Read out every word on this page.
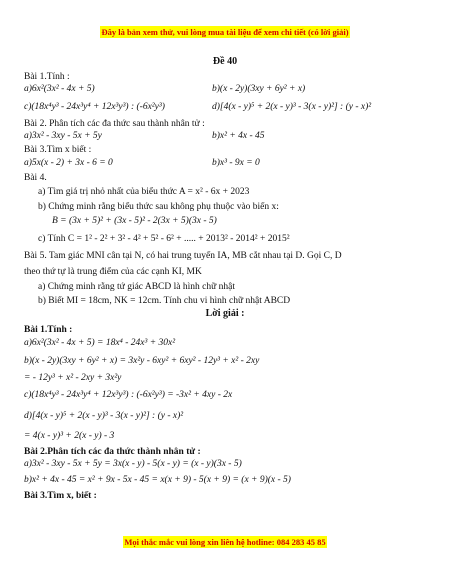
Đây là bản xem thử, vui lòng mua tài liệu để xem chi tiết (có lời giải)
Đề 40
Bài 1.Tính :
a)6x²(3x² - 4x + 5)	b)(x - 2y)(3xy + 6y² + x)
c)(18x⁴y³ - 24x³y⁴ + 12x³y³) : (-6x²y³)	d)[4(x - y)⁵ + 2(x - y)³ - 3(x - y)²] : (y - x)²
Bài 2. Phân tích các đa thức sau thành nhân tử :
a)3x² - 3xy - 5x + 5y	b)x² + 4x - 45
Bài 3.Tìm x biết :
a)5x(x - 2) + 3x - 6 = 0	b)x³ - 9x = 0
Bài 4.
a) Tìm giá trị nhỏ nhất của biểu thức A = x² - 6x + 2023
b) Chứng minh rằng biểu thức sau không phụ thuộc vào biến x:
B = (3x + 5)² + (3x - 5)² - 2(3x + 5)(3x - 5)
c) Tính C = 1² - 2² + 3² - 4² + 5² - 6² + ..... + 2013² - 2014² + 2015²
Bài 5. Tam giác MNI cân tại N, có hai trung tuyến IA, MB cắt nhau tại D. Gọi C, D
theo thứ tự là trung điểm của các cạnh KI, MK
a) Chứng minh rằng tứ giác ABCD là hình chữ nhật
b) Biết MI = 18cm, NK = 12cm. Tính chu vi hình chữ nhật ABCD
Lời giải :
Bài 1.Tính :
a)6x²(3x² - 4x + 5) = 18x⁴ - 24x³ + 30x²
b)(x - 2y)(3xy + 6y² + x) = 3x²y - 6xy² + 6xy² - 12y³ + x² - 2xy
= - 12y³ + x² - 2xy + 3x²y
c)(18x⁴y³ - 24x³y⁴ + 12x³y³) : (-6x²y³) = -3x² + 4xy - 2x
d)[4(x - y)⁵ + 2(x - y)³ - 3(x - y)²] : (y - x)²
= 4(x - y)³ + 2(x - y) - 3
Bài 2.Phân tích các đa thức thành nhân tử :
a)3x² - 3xy - 5x + 5y = 3x(x - y) - 5(x - y) = (x - y)(3x - 5)
b)x² + 4x - 45 = x² + 9x - 5x - 45 = x(x + 9) - 5(x + 9) = (x + 9)(x - 5)
Bài 3.Tìm x, biết :
Mọi thắc mắc vui lòng xin liên hệ hotline: 084 283 45 85
